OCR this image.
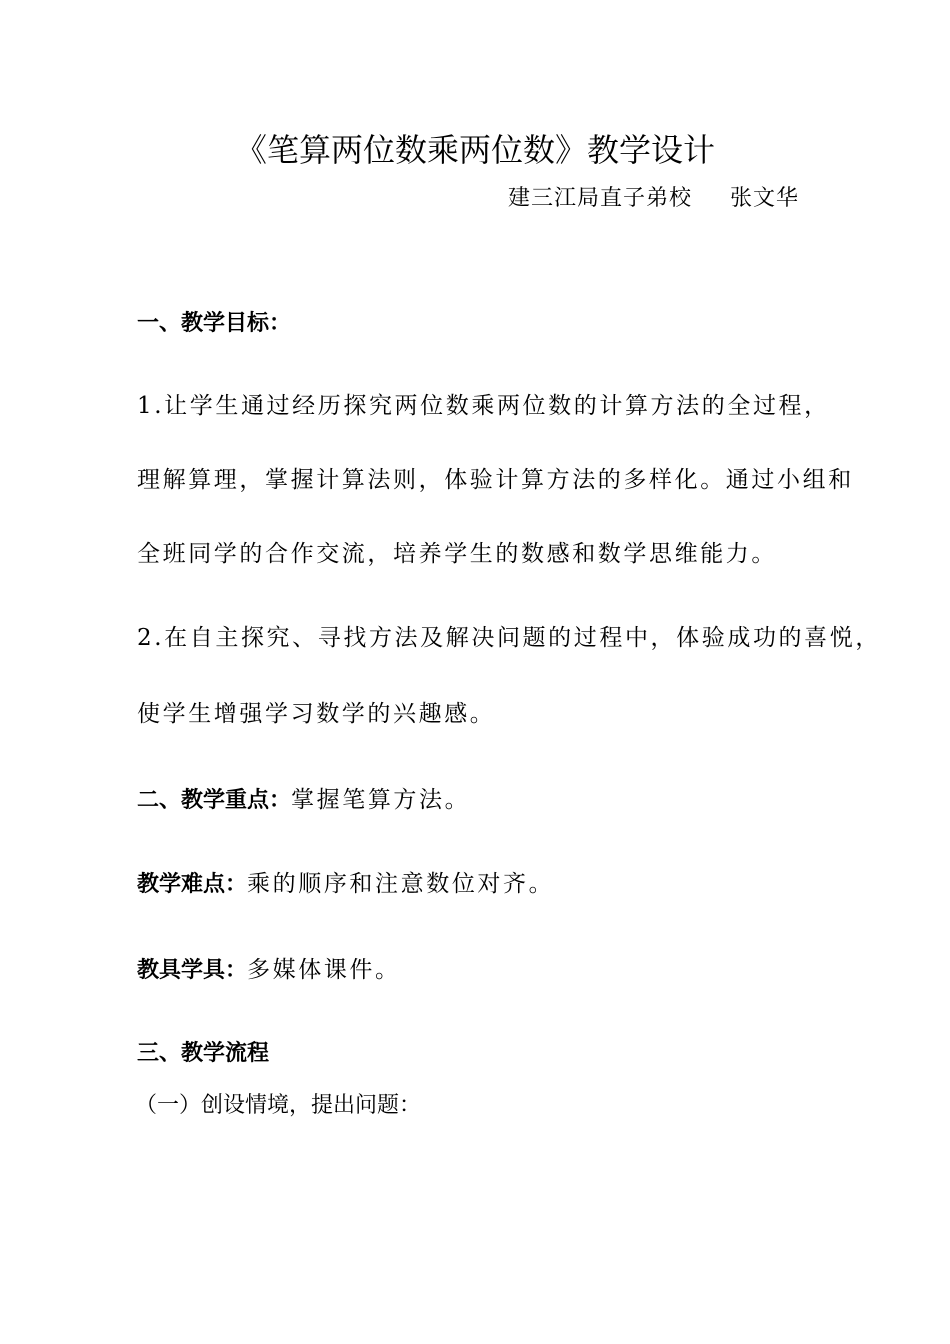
《笔算两位数乘两位数》教学设计
建三江局直子弟校 张文华
一、教学目标：
1.让学生通过经历探究两位数乘两位数的计算方法的全过程，
理解算理，掌握计算法则，体验计算方法的多样化。通过小组和
全班同学的合作交流，培养学生的数感和数学思维能力。
2.在自主探究、寻找方法及解决问题的过程中，体验成功的喜悦，
使学生增强学习数学的兴趣感。
二、教学重点：掌握笔算方法。
教学难点：乘的顺序和注意数位对齐。
教具学具：多媒体课件。
三、教学流程
（一）创设情境，提出问题：
